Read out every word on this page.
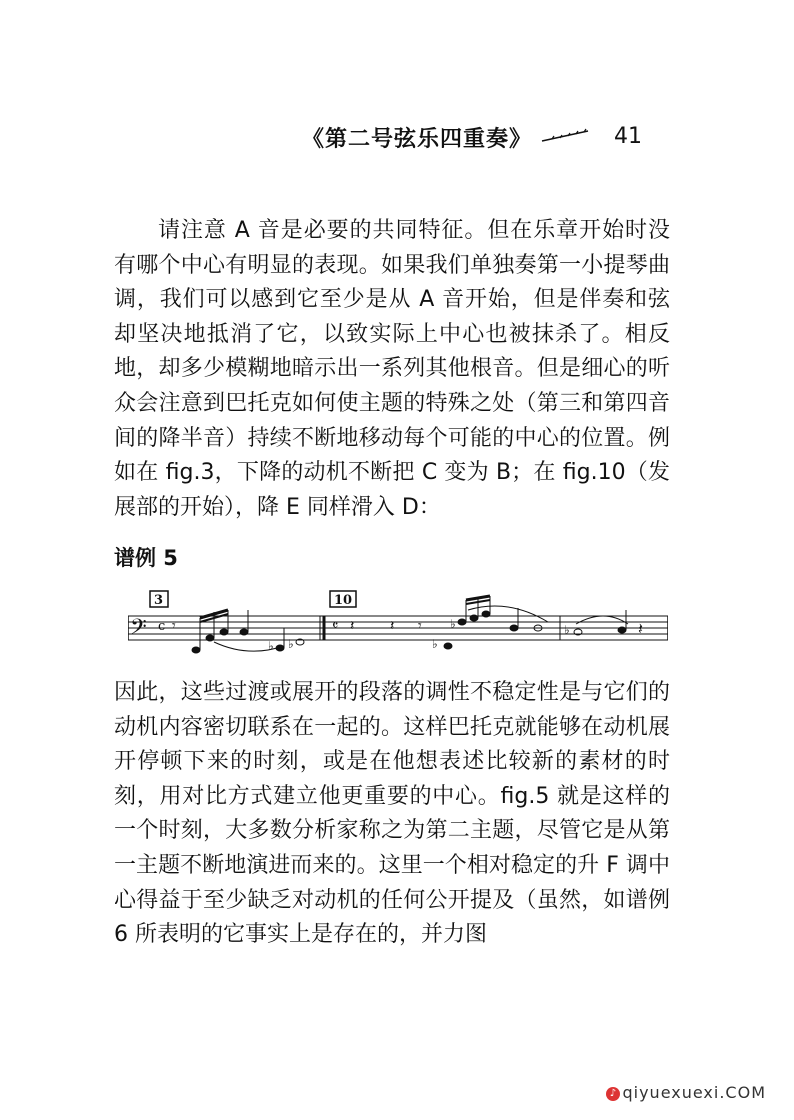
《第二号弦乐四重奏》	41

请注意 A 音是必要的共同特征。但在乐章开始时没有哪个中心有明显的表现。如果我们单独奏第一小提琴曲调，我们可以感到它至少是从 A 音开始，但是伴奏和弦却坚决地抵消了它，以致实际上中心也被抹杀了。相反地，却多少模糊地暗示出一系列其他根音。但是细心的听众会注意到巴托克如何使主题的特殊之处（第三和第四音间的降半音）持续不断地移动每个可能的中心的位置。例如在 fig.3，下降的动机不断把 C 变为 B；在 fig.10（发展部的开始），降 E 同样滑入 D：

谱例 5
𝄢 c
3	10
𝄾
♭ ♭
𝄴 𝄽	𝄽 𝄾
♭
♭	♭	𝄽

因此，这些过渡或展开的段落的调性不稳定性是与它们的动机内容密切联系在一起的。这样巴托克就能够在动机展开停顿下来的时刻，或是在他想表述比较新的素材的时刻，用对比方式建立他更重要的中心。fig.5 就是这样的一个时刻，大多数分析家称之为第二主题，尽管它是从第一主题不断地演进而来的。这里一个相对稳定的升 F 调中心得益于至少缺乏对动机的任何公开提及（虽然，如谱例 6 所表明的它事实上是存在的，并力图

♪ qiyuexuexi.COM
